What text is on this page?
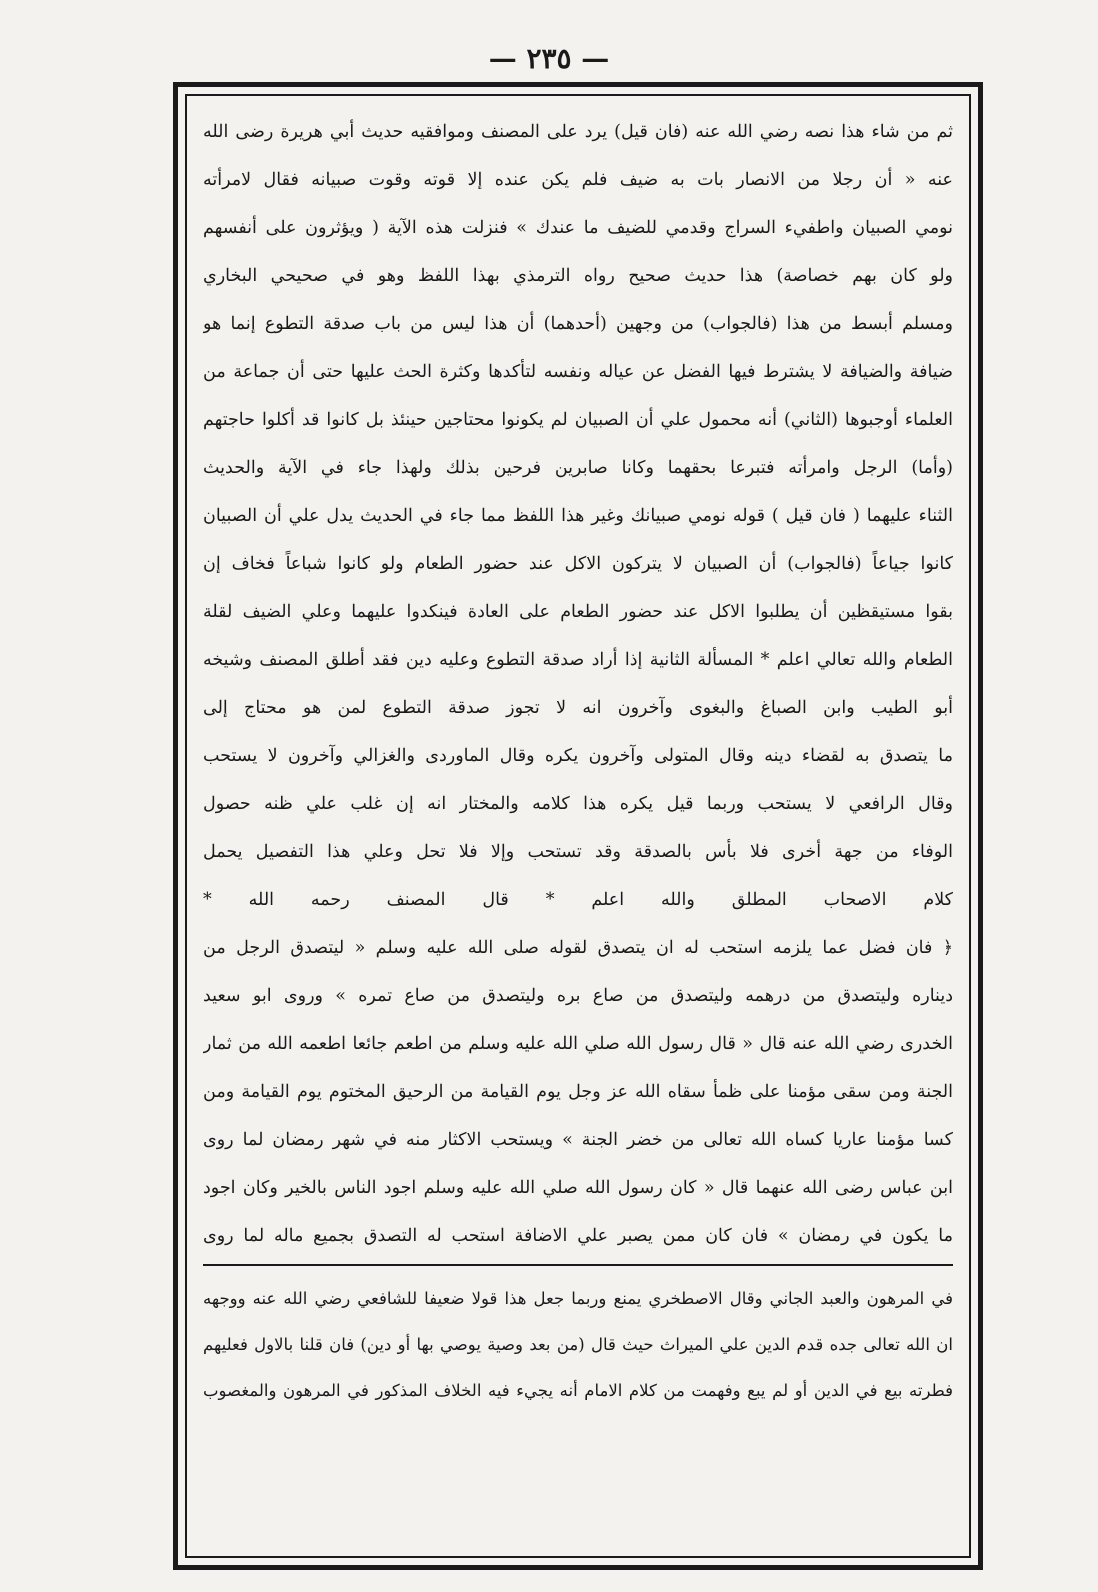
— ٢٣٥ —
ثم من شاء هذا نصه رضي الله عنه (فان قيل) يرد على المصنف وموافقيه حديث أبي هريرة رضى الله
عنه « أن رجلا من الانصار بات به ضيف فلم يكن عنده إلا قوته وقوت صبيانه فقال لامرأته
نومي الصبيان واطفيء السراج وقدمي للضيف ما عندك » فنزلت هذه الآية ( ويؤثرون على أنفسهم
ولو كان بهم خصاصة) هذا حديث صحيح رواه الترمذي بهذا اللفظ وهو في صحيحي البخاري
ومسلم أبسط من هذا (فالجواب) من وجهين (أحدهما) أن هذا ليس من باب صدقة التطوع إنما هو
ضيافة والضيافة لا يشترط فيها الفضل عن عياله ونفسه لتأكدها وكثرة الحث عليها حتى أن جماعة من
العلماء أوجبوها (الثاني) أنه محمول علي أن الصبيان لم يكونوا محتاجين حينئذ بل كانوا قد أكلوا حاجتهم
(وأما) الرجل وامرأته فتبرعا بحقهما وكانا صابرين فرحين بذلك ولهذا جاء في الآية والحديث
الثناء عليهما ( فان قيل ) قوله نومي صبيانك وغير هذا اللفظ مما جاء في الحديث يدل علي أن الصبيان
كانوا جياعاً (فالجواب) أن الصبيان لا يتركون الاكل عند حضور الطعام ولو كانوا شباعاً فخاف إن
بقوا مستيقظين أن يطلبوا الاكل عند حضور الطعام على العادة فينكدوا عليهما وعلي الضيف لقلة
الطعام والله تعالي اعلم * المسألة الثانية إذا أراد صدقة التطوع وعليه دين فقد أطلق المصنف وشيخه
أبو الطيب وابن الصباغ والبغوى وآخرون انه لا تجوز صدقة التطوع لمن هو محتاج إلى
ما يتصدق به لقضاء دينه وقال المتولى وآخرون يكره وقال الماوردى والغزالي وآخرون لا يستحب
وقال الرافعي لا يستحب وربما قيل يكره هذا كلامه والمختار انه إن غلب علي ظنه حصول
الوفاء من جهة أخرى فلا بأس بالصدقة وقد تستحب وإلا فلا تحل وعلي هذا التفصيل يحمل
كلام الاصحاب المطلق والله اعلم * قال المصنف رحمه الله *
﴿ فان فضل عما يلزمه استحب له ان يتصدق لقوله صلى الله عليه وسلم « ليتصدق الرجل من
ديناره وليتصدق من درهمه وليتصدق من صاع بره وليتصدق من صاع تمره » وروى ابو سعيد
الخدرى رضي الله عنه قال « قال رسول الله صلي الله عليه وسلم من اطعم جائعا اطعمه الله من ثمار
الجنة ومن سقى مؤمنا على ظمأ سقاه الله عز وجل يوم القيامة من الرحيق المختوم يوم القيامة ومن
كسا مؤمنا عاريا كساه الله تعالى من خضر الجنة » ويستحب الاكثار منه في شهر رمضان لما روى
ابن عباس رضى الله عنهما قال « كان رسول الله صلي الله عليه وسلم اجود الناس بالخير وكان اجود
ما يكون في رمضان » فان كان ممن يصبر علي الاضافة استحب له التصدق بجميع ماله لما روى
في المرهون والعبد الجاني وقال الاصطخري يمنع وربما جعل هذا قولا ضعيفا للشافعي رضي الله عنه ووجهه
ان الله تعالى جده قدم الدين علي الميراث حيث قال (من بعد وصية يوصي بها أو دين) فان قلنا بالاول فعليهم
فطرته بيع في الدين أو لم يبع وفهمت من كلام الامام أنه يجيء فيه الخلاف المذكور في المرهون والمغصوب
